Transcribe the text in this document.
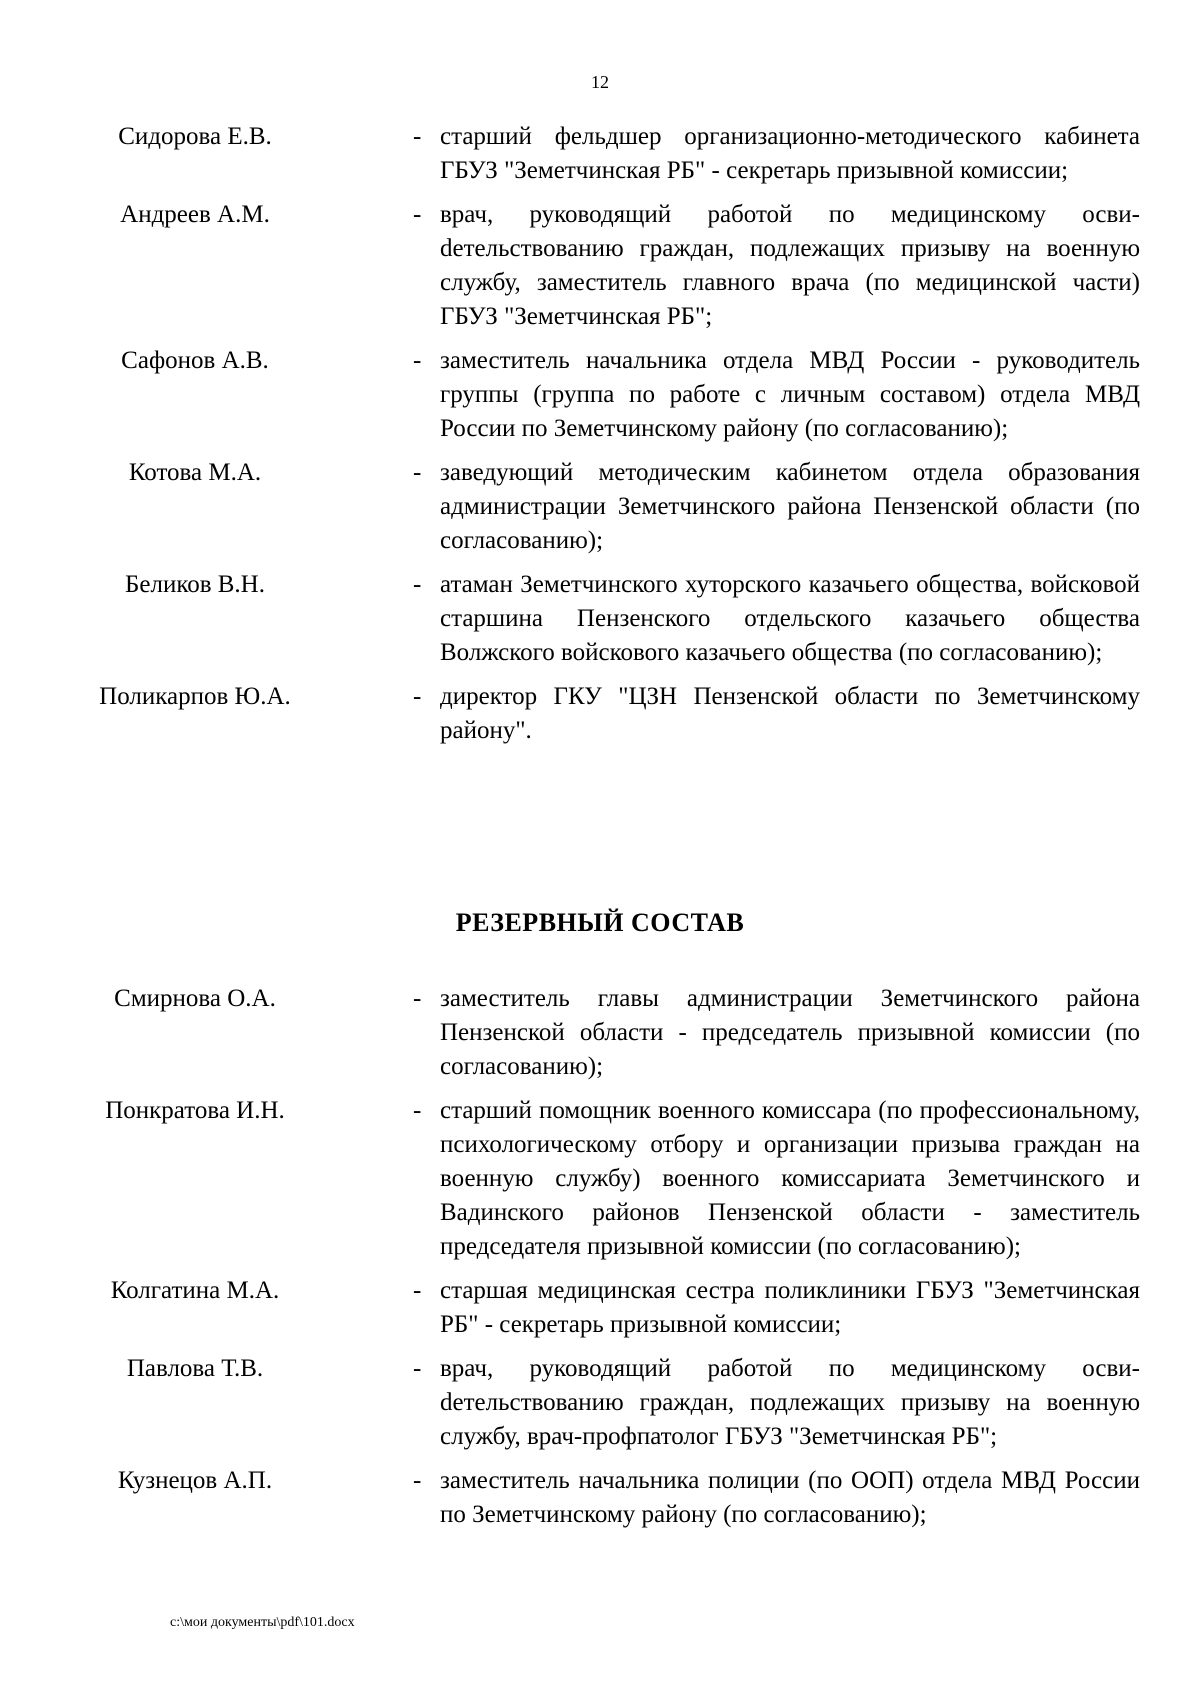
12
Сидорова Е.В.	- старший фельдшер организационно-методического кабинета ГБУЗ "Земетчинская РБ" - секретарь призывной комиссии;
Андреев А.М.	- врач, руководящий работой по медицинскому освиdетельствованию граждан, подлежащих призыву на военную службу, заместитель главного врача (по медицинской части) ГБУЗ "Земетчинская РБ";
Сафонов А.В.	- заместитель начальника отдела МВД России - руководитель группы (группа по работе с личным составом) отдела МВД России по Земетчинскому району (по согласованию);
Котова М.А.	- заведующий методическим кабинетом отдела образования администрации Земетчинского района Пензенской области (по согласованию);
Беликов В.Н.	- атаман Земетчинского хуторского казачьего общества, войсковой старшина Пензенского отдельского казачьего общества Волжского войскового казачьего общества (по согласованию);
Поликарпов Ю.А.	- директор ГКУ "ЦЗН Пензенской области по Земетчинскому району".
РЕЗЕРВНЫЙ СОСТАВ
Смирнова О.А.	- заместитель главы администрации Земетчинского района Пензенской области - председатель призывной комиссии (по согласованию);
Понкратова И.Н.	- старший помощник военного комиссара (по профессиональному, психологическому отбору и организации призыва граждан на военную службу) военного комиссариата Земетчинского и Вадинского районов Пензенской области - заместитель председателя призывной комиссии (по согласованию);
Колгатина М.А.	- старшая медицинская сестра поликлиники ГБУЗ "Земетчинская РБ" - секретарь призывной комиссии;
Павлова Т.В.	- врач, руководящий работой по медицинскому освиdетельствованию граждан, подлежащих призыву на военную службу, врач-профпатолог ГБУЗ "Земетчинская РБ";
Кузнецов А.П.	- заместитель начальника полиции (по ООП) отдела МВД России по Земетчинскому району (по согласованию);
c:\мои документы\pdf\101.docx
